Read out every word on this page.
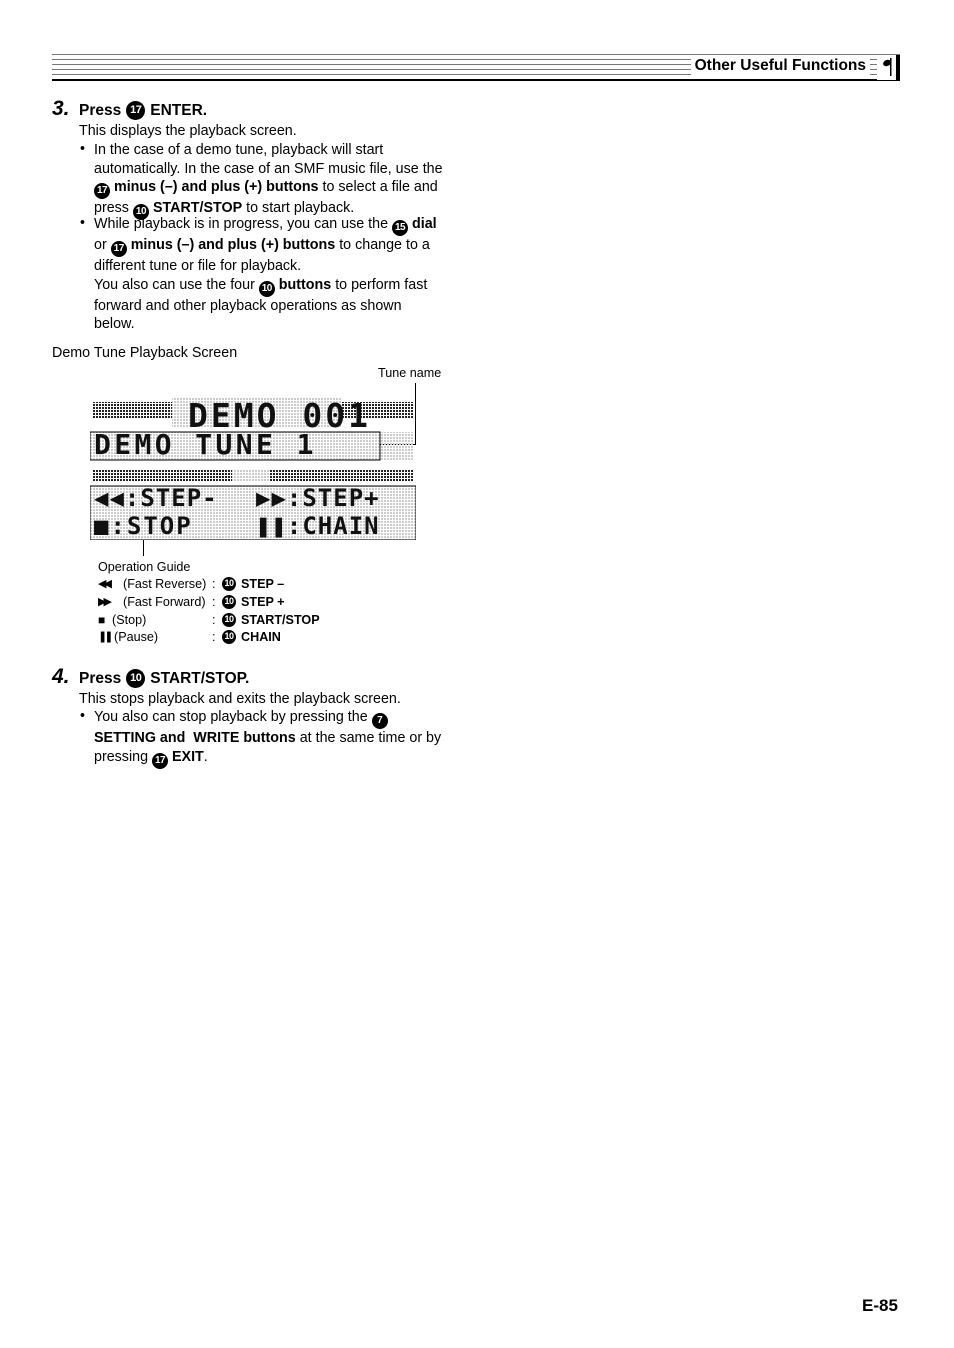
Other Useful Functions
3. Press 17 ENTER.
This displays the playback screen.
• In the case of a demo tune, playback will start
automatically. In the case of an SMF music file, use the
17 minus (–) and plus (+) buttons to select a file and
press 10 START/STOP to start playback.
• While playback is in progress, you can use the 15 dial
or 17 minus (–) and plus (+) buttons to change to a
different tune or file for playback.
You also can use the four 10 buttons to perform fast
forward and other playback operations as shown
below.
Demo Tune Playback Screen
Tune name
DEMO 001
DEMO TUNE 1
◀◀:STEP- ▶▶:STEP+
■:STOP	❚❚:CHAIN
Operation Guide
◀◀	(Fast Reverse) : 10 STEP –
▶▶	(Fast Forward) : 10 STEP +
■ (Stop)	: 10 START/STOP
❚❚ (Pause)	: 10 CHAIN
4. Press 10 START/STOP.
This stops playback and exits the playback screen.
• You also can stop playback by pressing the 7
SETTING and  WRITE buttons at the same time or by
pressing 17 EXIT.
E-85
